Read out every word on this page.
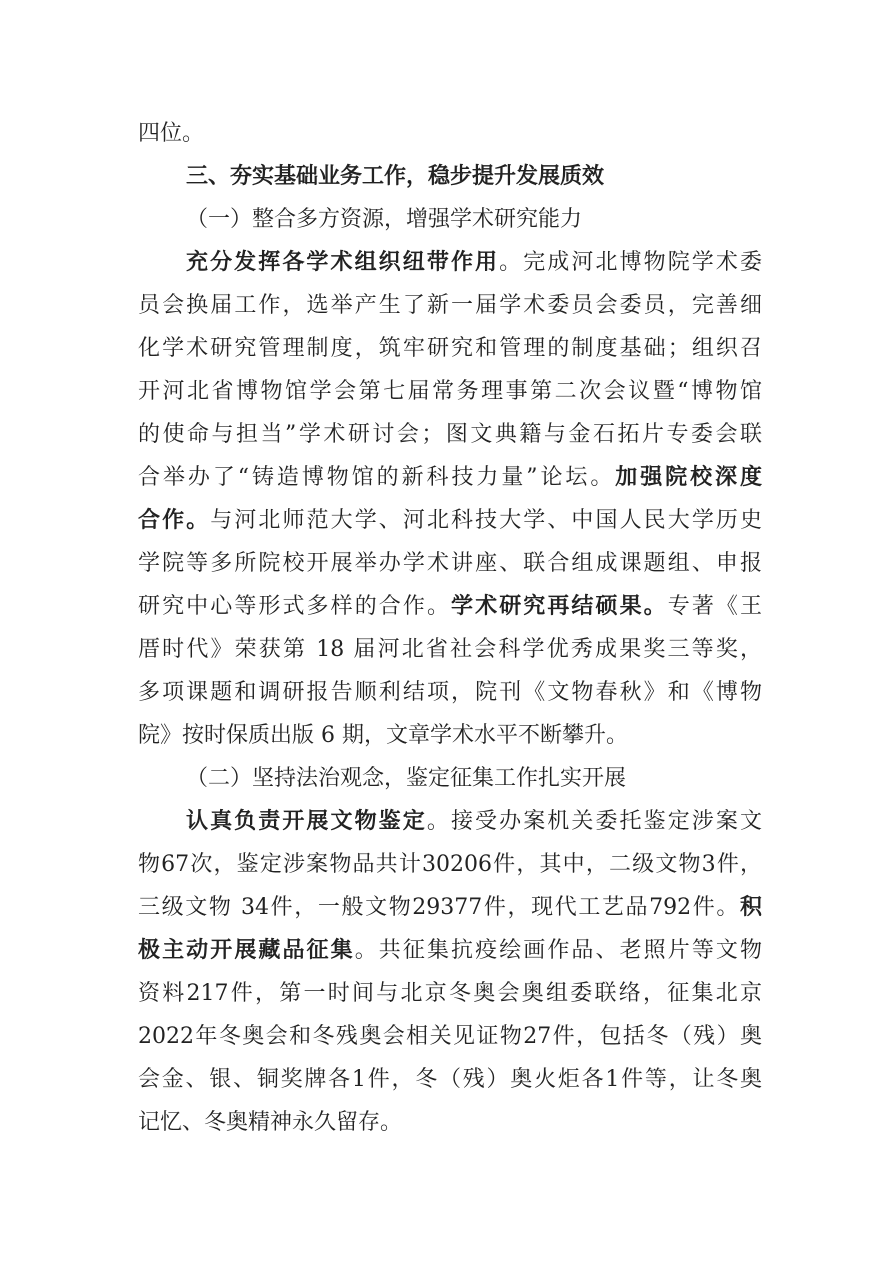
四位。
三、夯实基础业务工作，稳步提升发展质效
（一）整合多方资源，增强学术研究能力
充分发挥各学术组织纽带作用。完成河北博物院学术委
员会换届工作，选举产生了新一届学术委员会委员，完善细
化学术研究管理制度，筑牢研究和管理的制度基础；组织召
开河北省博物馆学会第七届常务理事第二次会议暨“博物馆
的使命与担当”学术研讨会；图文典籍与金石拓片专委会联
合举办了“铸造博物馆的新科技力量”论坛。加强院校深度
合作。与河北师范大学、河北科技大学、中国人民大学历史
学院等多所院校开展举办学术讲座、联合组成课题组、申报
研究中心等形式多样的合作。学术研究再结硕果。专著《王
厝时代》荣获第 18 届河北省社会科学优秀成果奖三等奖，
多项课题和调研报告顺利结项，院刊《文物春秋》和《博物
院》按时保质出版 6 期，文章学术水平不断攀升。
（二）坚持法治观念，鉴定征集工作扎实开展
认真负责开展文物鉴定。接受办案机关委托鉴定涉案文
物67次，鉴定涉案物品共计30206件，其中，二级文物3件，
三级文物 34件，一般文物29377件，现代工艺品792件。积
极主动开展藏品征集。共征集抗疫绘画作品、老照片等文物
资料217件，第一时间与北京冬奥会奥组委联络，征集北京
2022年冬奥会和冬残奥会相关见证物27件，包括冬（残）奥
会金、银、铜奖牌各1件，冬（残）奥火炬各1件等，让冬奥
记忆、冬奥精神永久留存。
